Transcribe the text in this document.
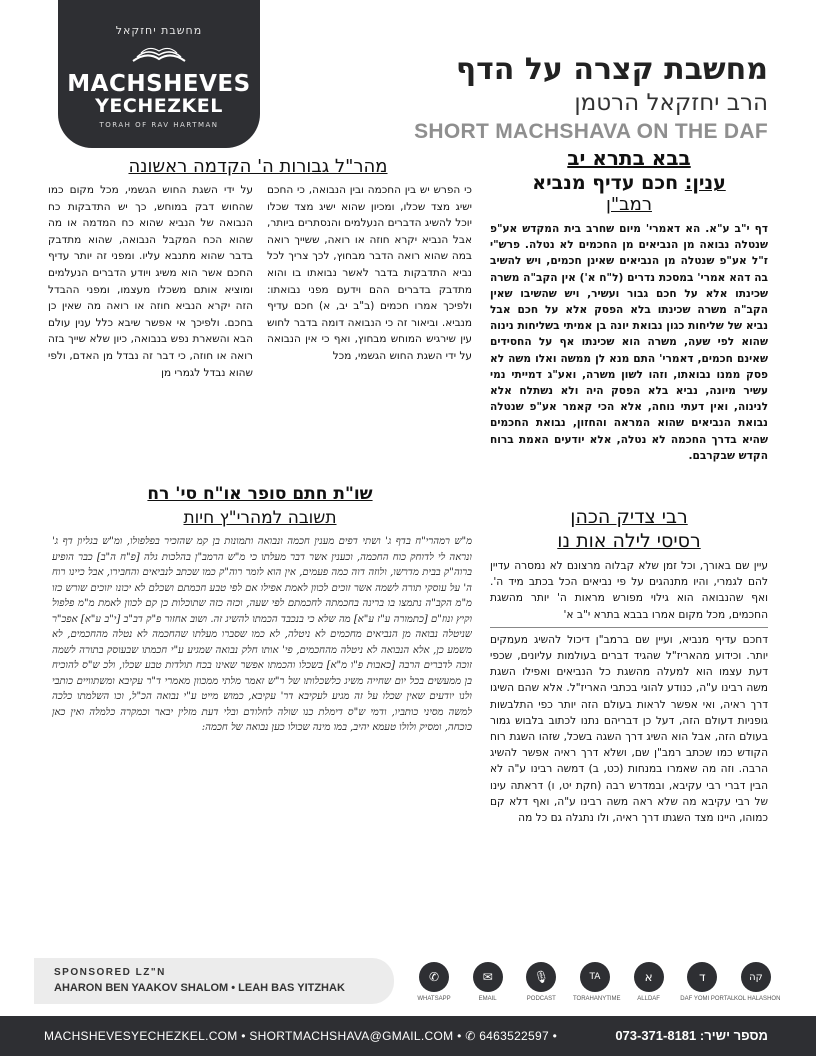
מחשבת יחזקאל
MACHSHEVES
YECHEZKEL
TORAH OF RAV HARTMAN
מחשבת קצרה על הדף
הרב יחזקאל הרטמן
SHORT MACHSHAVA ON THE DAF
בבא בתרא יב
ענין: חכם עדיף מנביא
רמב"ן
דף י"ב ע"א. הא דאמרי' מיום שחרב בית המקדש אע"פ שנטלה נבואה מן הנביאים מן החכמים לא נטלה. פרש"י ז"ל אע"פ שנטלה מן הנביאים שאינן חכמים, ויש להשיב בה דהא אמרי' במסכת נדרים (ל"ח א') אין הקב"ה משרה שכינתו אלא על חכם גבור ועשיר, ויש שהשיבו שאין הקב"ה משרה שכינתו בלא הפסק אלא על חכם אבל נביא של שליחות כגון נבואת יונה בן אמיתי בשליחות נינוה שהוא לפי שעה, משרה הוא שכינתו אף על החסידים שאינם חכמים, דאמרי' התם מנא לן ממשה ואלו משה לא פסק ממנו נבואתו, וזהו לשון משרה, ואע"ג דמייתי נמי עשיר מיונה, נביא בלא הפסק היה ולא נשתלח אלא לנינוה, ואין דעתי נוחה, אלא הכי קאמר אע"פ שנטלה נבואת הנביאים שהוא המראה והחזון, נבואת החכמים שהיא בדרך החכמה לא נטלה, אלא יודעים האמת ברוח הקדש שבקרבם.
רבי צדיק הכהן
רסיסי לילה אות נו
עיין שם באורך, וכל זמן שלא קבלוה מרצונם לא נמסרה עדיין להם לגמרי, והיו מתנהגים על פי נביאים הכל בכתב מיד ה'. ואף שהנבואה הוא גילוי מפורש מראות ה' יותר מהשגת החכמים, מכל מקום אמרו בבבא בתרא י"ב א'
דחכם עדיף מנביא, ועיין שם ברמב"ן דיכול להשיג מעמקים יותר. וכידוע מהאריז"ל שהגיד דברים בעולמות עליונים, שכפי דעת עצמו הוא למעלה מהשגת כל הנביאים ואפילו השגת משה רבינו ע"ה, כנודע להוגי בכתבי האריז"ל. אלא שהם השיגו דרך ראיה, ואי אפשר לראות בעולם הזה יותר כפי התלבשות גופניות דעולם הזה, דעל כן דבריהם נתנו לכתוב בלבוש גמור בעולם הזה, אבל הוא השיג דרך השגה בשכל, שזהו השגת רוח הקודש כמו שכתב רמב"ן שם, ושלא דרך ראיה אפשר להשיג הרבה. וזה מה שאמרו במנחות (כט, ב) דמשה רבינו ע"ה לא הבין דברי רבי עקיבא, ובמדרש רבה (חקת יט, ו) דראתה עינו של רבי עקיבא מה שלא ראה משה רבינו ע"ה, ואף דלא קם כמוהו, היינו מצד השגתו דרך ראיה, ולו נתגלה גם כל מה
מהר"ל גבורות ה' הקדמה ראשונה
כי הפרש יש בין החכמה ובין הנבואה, כי החכם ישיג מצד שכלו, ומכיון שהוא ישיג מצד שכלו יוכל להשיג הדברים הנעלמים והנסתרים ביותר, אבל הנביא יקרא חוזה או רואה, ששייך רואה במה שהוא רואה הדבר מבחוץ, לכך צריך לכל נביא התדבקות בדבר לאשר נבואתו בו והוא מתדבק בדברים ההם וידעם מפני נבואתו: ולפיכך אמרו חכמים (ב"ב יב, א) חכם עדיף מנביא. וביאור זה כי הנבואה דומה בדבר לחוש עין שירגיש המוחש מבחוץ, ואף כי אין הנבואה על ידי השגת החוש הגשמי, מכל
על ידי השגת החוש הגשמי, מכל מקום כמו שהחוש דבק במוחש, כך יש התדבקות כח הנבואה של הנביא שהוא כח המדמה או מה שהוא הכח המקבל הנבואה, שהוא מתדבק בדבר שהוא מתנבא עליו. ומפני זה יותר עדיף החכם אשר הוא משיג ויודע הדברים הנעלמים ומוציא אותם משכלו מעצמו, ומפני ההבדל הזה יקרא הנביא חוזה או רואה מה שאין כן בחכם. ולפיכך אי אפשר שיבא כלל ענין עולם הבא והשארת נפש בנבואה, כיון שלא שייך בזה רואה או חוזה, כי דבר זה נבדל מן האדם, ולפי שהוא נבדל לגמרי מן
שו"ת חתם סופר או"ח סי' רח
תשובה למהרי"ץ חיות
מ"ש רמהרי"ח בדף ג' ושתי דפים מענין חכמה ונבואה ותמונות בן קמ שהזכיר בפלפולו, ומ"ש בגליון דף ג' ונראה לי לדוחק כוח החכמה, וכענין אשר דבר מעלתו כי מ"ש הרמב"ן בהלכות גלה [פ"ח ה"ב] כבר הופיע ברוה"ק בבית מדרשו, ולוזה דוה כמה פעמים, אין הוא לומר רוה"ק כמו שכתב לנביאים והחבירו, אבל כיינו רוח ה' על עוסקי תורה לשמה אשר זוכים לכוון לאמת אפילו אם לפי טבע חכמתם ושכלם לא יכונו יזוכים שורש כזו מ"מ הקב"ה נתמצו בו ברינה בחכמתה לחכמתם לפי שעה, וכזה כזה שתוכלות כן קם לכוון לאמת מ"מ פלפול וקיץ ונוז"ם [כתמורה ע"ז ע"א] מה שלא כי בנכבד הכמתו להשיג זה. ושוב אחזור פ"ק דב"ב [י"ב ע"א] אפכ"ר שניטלה נבואה מן הנביאים מחכמים לא ניטלה, לא כמו שסברו מעלתו שהחכמה לא נטלה מהחכמים, לא משמע כן, אלא הנבואה לא ניטלה מהחכמים, פי' אותו חלק נבואה שמגיע ע"י חכמתו שבעוסק בתורה לשמה זוכה לדברים הרבה [כאבות פ"ו מ"א] בשכלו והכמתו אפשר שאינו בכח תולדות טבע שכלו, ולכ ש"ס להוכיח בן ממעשים בכל יום שחייה משיג כלשכלותו של ר"ש זאמר מלתי ממכוון מאמרי ד"ר עקיבא ומשתוויים כותבי ולנו יודעים שאין שכלו על זה מגיע לעקיבא דר' עקיבא, כמוש מייט ע"י נבואה הכ"ל, וכו השלמתו כלכה למשה מסיני כותביו, ודמי ש"ס דימלת כנו שולה לחלודם ובלי דעת מזלין יבאר וכמקרה כלמלה ואין כאן כוכחה, ומסיק ולולו טעמא יהיב, במו מינה שכולו כען נבואה של חכמה:
SPONSORED LZ"N
AHARON BEN YAAKOV SHALOM • LEAH BAS YITZHAK
✆
WHATSAPP
✉
EMAIL
🎙
PODCAST
TA
TORAHANYTIME
א
ALLDAF
ד
DAF YOMI PORTAL
קה
KOL HALASHON
MACHSHEVESYECHEZKEL.COM • SHORTMACHSHAVA@GMAIL.COM • ✆ 6463522597 •	מספר ישיר: 073-371-8181
